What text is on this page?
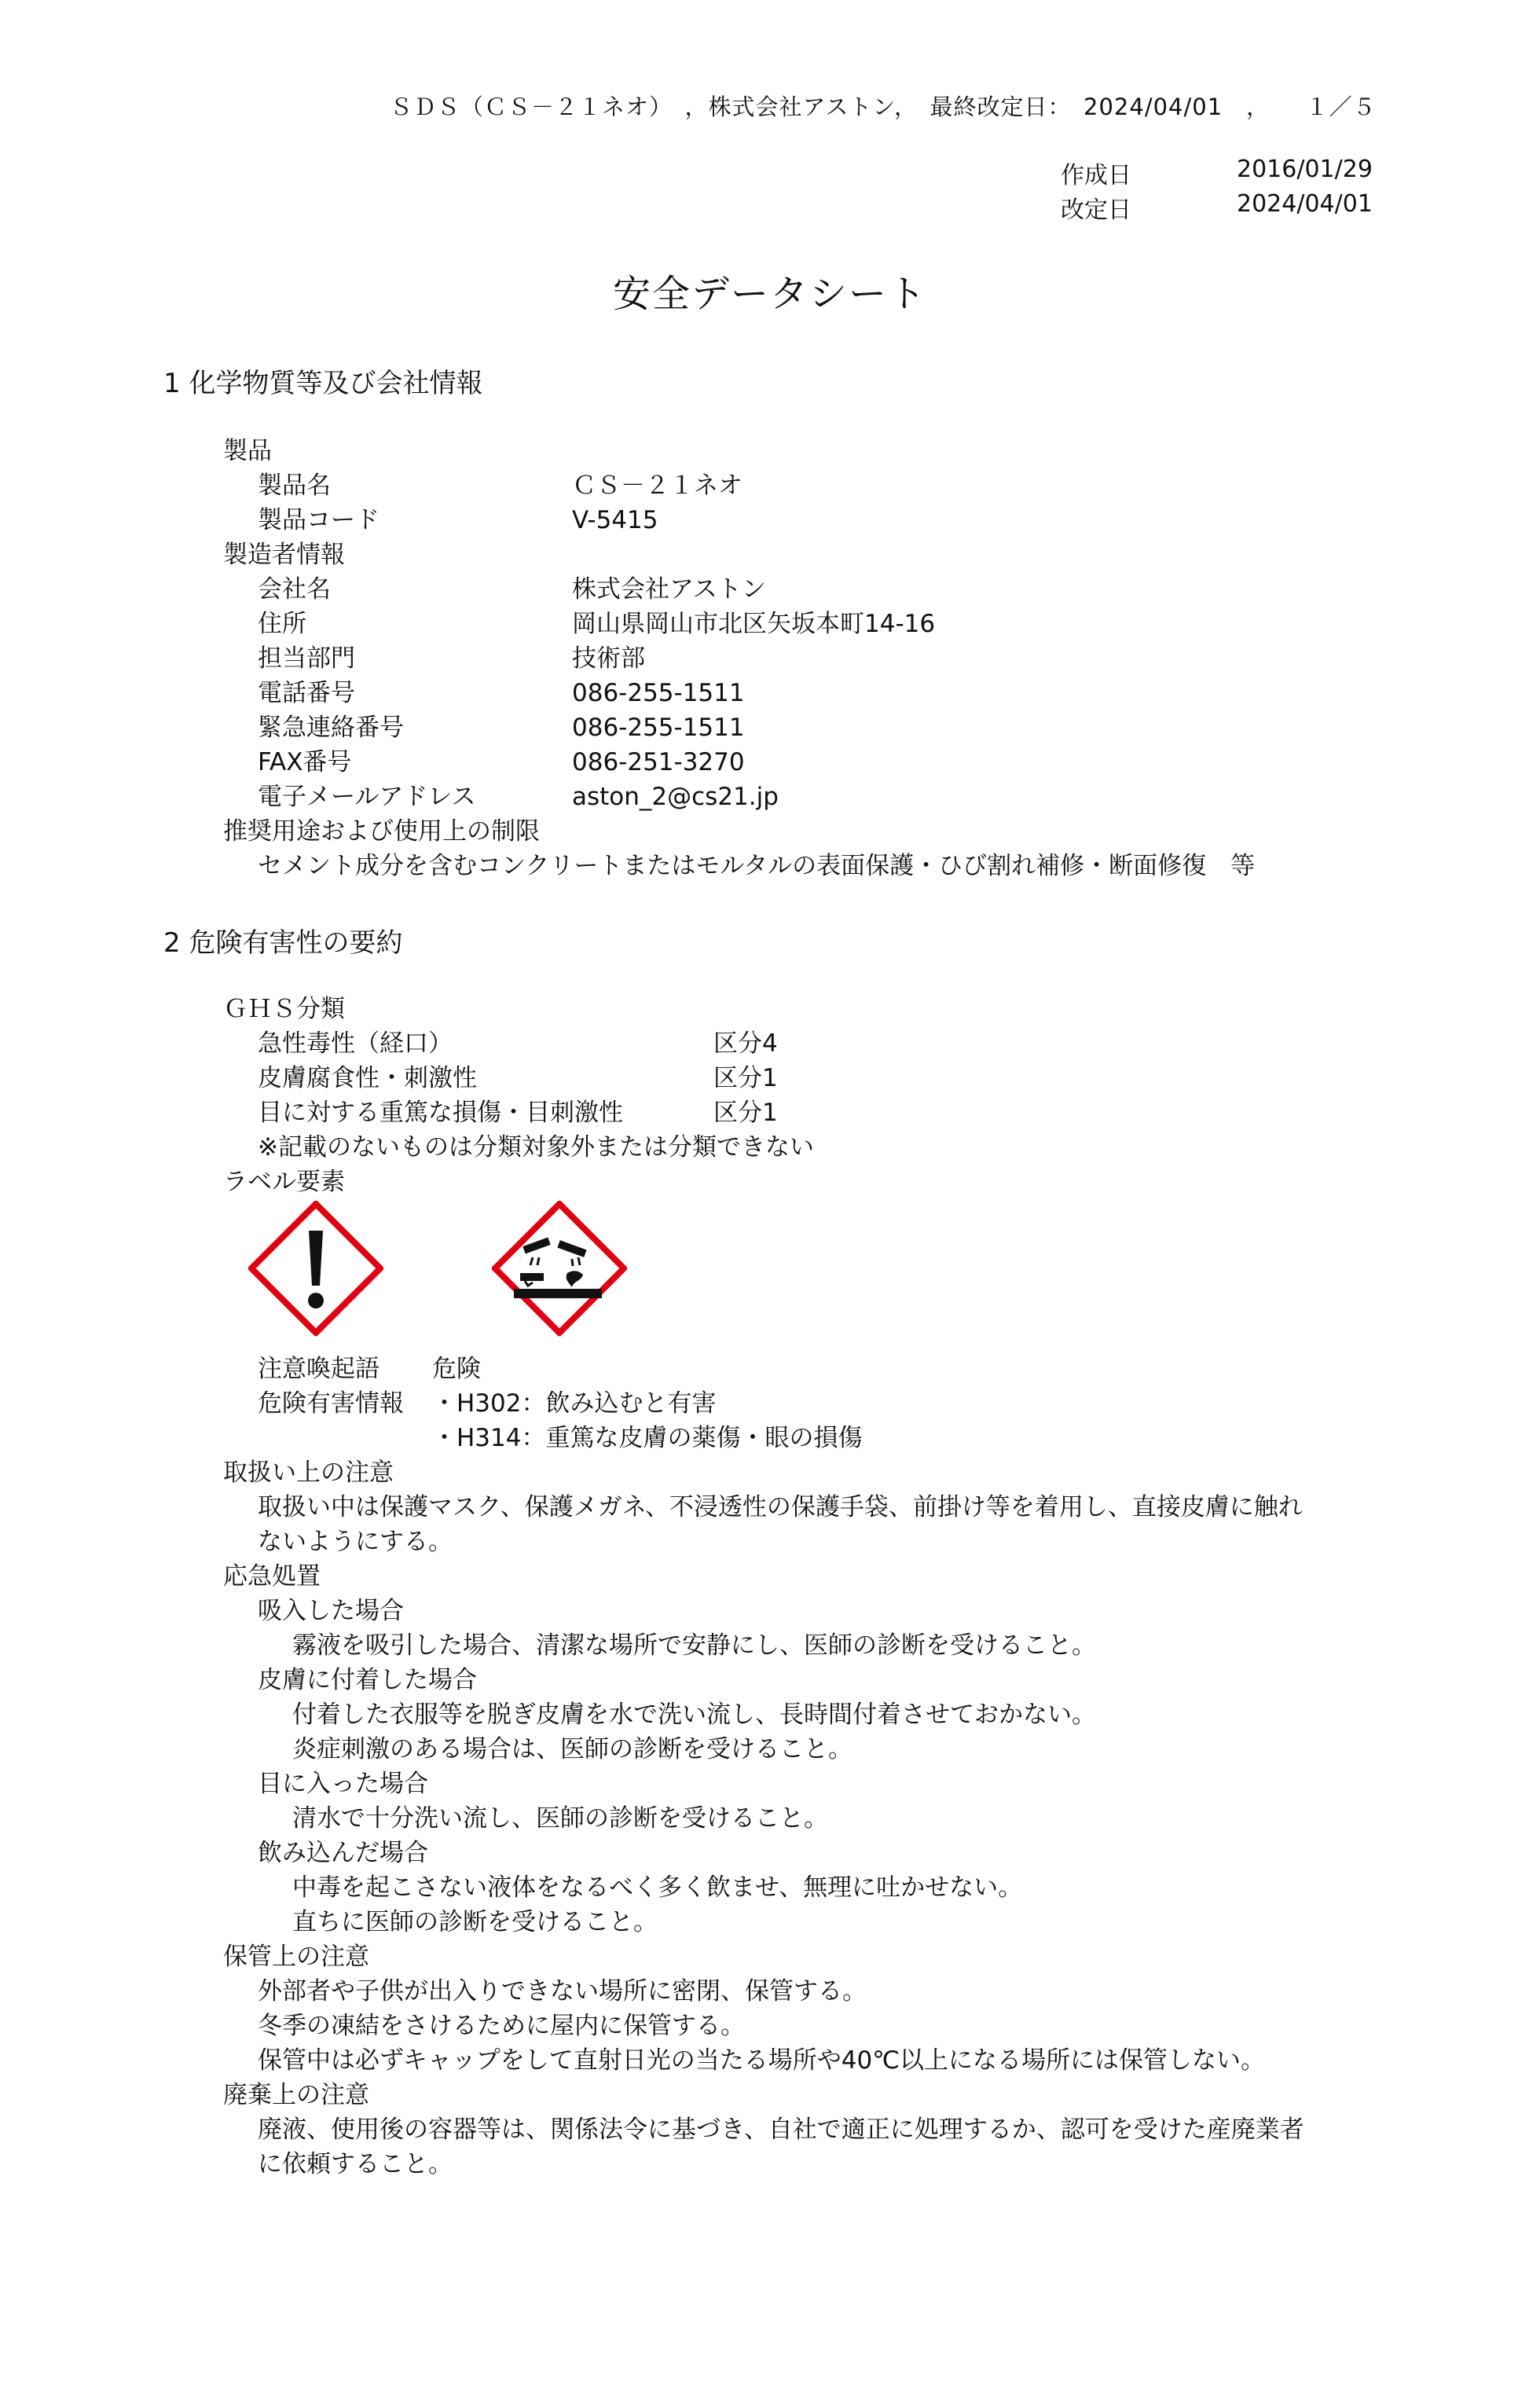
ＳＤＳ（ＣＳ－２１ネオ）　，株式会社アストン，　最終改定日：　2024/04/01　，　　１／５
作成日	2016/01/29
改定日	2024/04/01
安全データシート
1 化学物質等及び会社情報
製品
製品名	ＣＳ－２１ネオ
製品コード	V-5415
製造者情報
会社名	株式会社アストン
住所	岡山県岡山市北区矢坂本町14-16
担当部門	技術部
電話番号	086-255-1511
緊急連絡番号	086-255-1511
FAX番号	086-251-3270
電子メールアドレス	aston_2@cs21.jp
推奨用途および使用上の制限
セメント成分を含むコンクリートまたはモルタルの表面保護・ひび割れ補修・断面修復　等
2 危険有害性の要約
ＧＨＳ分類
急性毒性（経口）	区分4
皮膚腐食性・刺激性	区分1
目に対する重篤な損傷・目刺激性	区分1
※記載のないものは分類対象外または分類できない
ラベル要素
注意喚起語 危険
危険有害情報 ・H302：飲み込むと有害
・H314：重篤な皮膚の薬傷・眼の損傷
取扱い上の注意
取扱い中は保護マスク、保護メガネ、不浸透性の保護手袋、前掛け等を着用し、直接皮膚に触れ
ないようにする。
応急処置
吸入した場合
霧液を吸引した場合、清潔な場所で安静にし、医師の診断を受けること。
皮膚に付着した場合
付着した衣服等を脱ぎ皮膚を水で洗い流し、長時間付着させておかない。
炎症刺激のある場合は、医師の診断を受けること。
目に入った場合
清水で十分洗い流し、医師の診断を受けること。
飲み込んだ場合
中毒を起こさない液体をなるべく多く飲ませ、無理に吐かせない。
直ちに医師の診断を受けること。
保管上の注意
外部者や子供が出入りできない場所に密閉、保管する。
冬季の凍結をさけるために屋内に保管する。
保管中は必ずキャップをして直射日光の当たる場所や40℃以上になる場所には保管しない。
廃棄上の注意
廃液、使用後の容器等は、関係法令に基づき、自社で適正に処理するか、認可を受けた産廃業者
に依頼すること。
